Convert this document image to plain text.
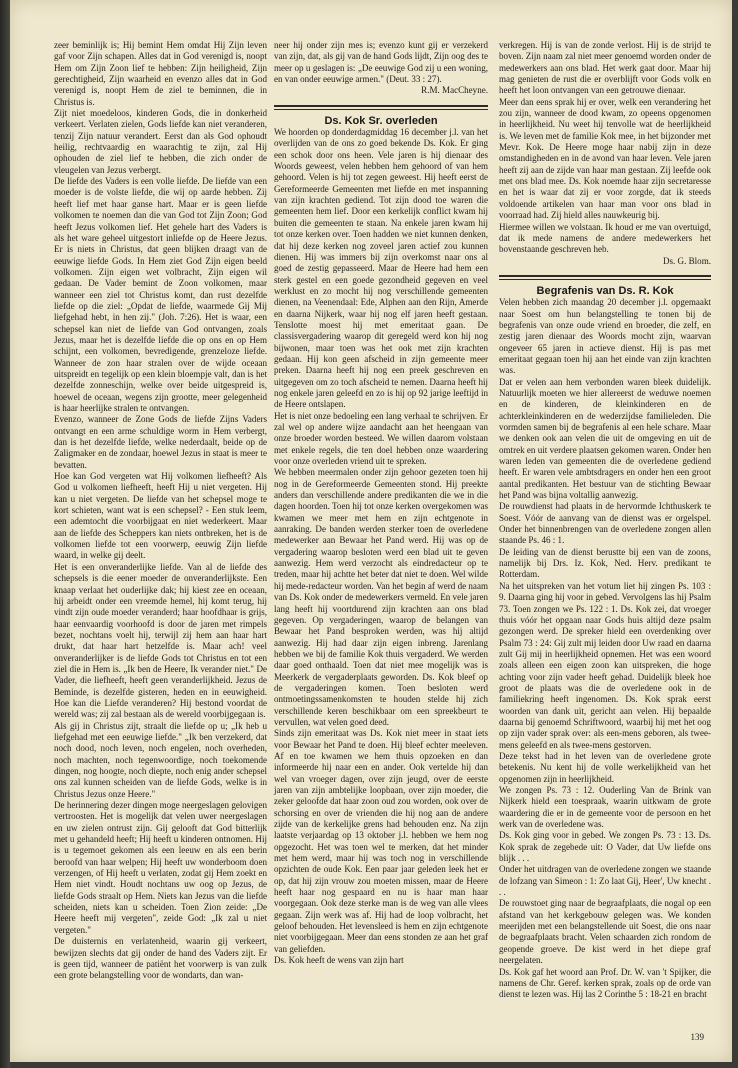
zeer beminlijk is; Hij bemint Hem omdat Hij Zijn leven gaf voor Zijn schapen. Alles dat in God verenigd is, noopt Hem om Zijn Zoon lief te hebben: Zijn heiligheid, Zijn gerechtigheid, Zijn waarheid en evenzo alles dat in God verenigd is, noopt Hem de ziel te beminnen, die in Christus is.

Zijt niet moedeloos, kinderen Gods, die in donkerheid verkeert. Verlaten zielen, Gods liefde kan niet veranderen, tenzij Zijn natuur verandert. Eerst dan als God ophoudt heilig, rechtvaardig en waarachtig te zijn, zal Hij ophouden de ziel lief te hebben, die zich onder de vleugelen van Jezus verbergt.

De liefde des Vaders is een volle liefde. De liefde van een moeder is de volste liefde, die wij op aarde hebben. Zij heeft lief met haar ganse hart. Maar er is geen liefde volkomen te noemen dan die van God tot Zijn Zoon; God heeft Jezus volkomen lief. Het gehele hart des Vaders is als het ware geheel uitgestort inliefde op de Heere Jezus. Er is niets in Christus, dat geen blijken draagt van de eeuwige liefde Gods. In Hem ziet God Zijn eigen beeld volkomen. Zijn eigen wet volbracht, Zijn eigen wil gedaan. De Vader bemint de Zoon volkomen, maar wanneer een ziel tot Christus komt, dan rust dezelfde liefde op die ziel: „Opdat de liefde, waarmede Gij Mij liefgehad hebt, in hen zij." (Joh. 7:26). Het is waar, een schepsel kan niet de liefde van God ontvangen, zoals Jezus, maar het is dezelfde liefde die op ons en op Hem schijnt, een volkomen, bevredigende, grenzeloze liefde. Wanneer de zon haar stralen over de wijde oceaan uitspreidt en tegelijk op een klein bloempje valt, dan is het dezelfde zonneschijn, welke over beide uitgespreid is, hoewel de oceaan, wegens zijn grootte, meer gelegenheid is haar heerlijke stralen te ontvangen.

Evenzo, wanneer de Zone Gods de liefde Zijns Vaders ontvangt en een arme schuldige worm in Hem verbergt, dan is het dezelfde liefde, welke nederdaalt, beide op de Zaligmaker en de zondaar, hoewel Jezus in staat is meer te bevatten.

Hoe kan God vergeten wat Hij volkomen liefheeft? Als God u volkomen liefheeft, heeft Hij u niet vergeten. Hij kan u niet vergeten. De liefde van het schepsel moge te kort schieten, want wat is een schepsel? - Een stuk leem, een ademtocht die voorbijgaat en niet wederkeert. Maar aan de liefde des Scheppers kan niets ontbreken, het is de volkomen liefde tot een voorwerp, eeuwig Zijn liefde waard, in welke gij deelt.

Het is een onveranderlijke liefde. Van al de liefde des schepsels is die eener moeder de onveranderlijkste. Een knaap verlaat het ouderlijke dak; hij kiest zee en oceaan, hij arbeidt onder een vreemde hemel, hij komt terug, hij vindt zijn oude moeder veranderd; haar hoofdhaar is grijs, haar eenvaardig voorhoofd is door de jaren met rimpels bezet, nochtans voelt hij, terwijl zij hem aan haar hart drukt, dat haar hart hetzelfde is. Maar ach! veel onveranderlijker is de liefde Gods tot Christus en tot een ziel die in Hem is. „Ik ben de Heere, Ik verander niet." De Vader, die liefheeft, heeft geen veranderlijkheid. Jezus de Beminde, is dezelfde gisteren, heden en in eeuwigheid. Hoe kan die Liefde veranderen? Hij bestond voordat de wereld was; zij zal bestaan als de wereld voorbijgegaan is.

Als gij in Christus zijt, straalt die liefde op u; „Ik heb u liefgehad met een eeuwige liefde." „Ik ben verzekerd, dat noch dood, noch leven, noch engelen, noch overheden, noch machten, noch tegenwoordige, noch toekomende dingen, nog hoogte, noch diepte, noch enig ander schepsel ons zal kunnen scheiden van de liefde Gods, welke is in Christus Jezus onze Heere."

De herinnering dezer dingen moge neergeslagen gelovigen vertroosten. Het is mogelijk dat velen uwer neergeslagen en uw zielen ontrust zijn. Gij gelooft dat God bitterlijk met u gehandeld heeft; Hij heeft u kinderen ontnomen. Hij is u tegemoet gekomen als een leeuw en als een berin beroofd van haar welpen; Hij heeft uw wonderboom doen verzengen, of Hij heeft u verlaten, zodat gij Hem zoekt en Hem niet vindt. Houdt nochtans uw oog op Jezus, de liefde Gods straalt op Hem. Niets kan Jezus van die liefde scheiden, niets kan u scheiden. Toen Zion zeide: „De Heere heeft mij vergeten", zeide God: „Ik zal u niet vergeten."

De duisternis en verlatenheid, waarin gij verkeert, bewijzen slechts dat gij onder de hand des Vaders zijt. Er is geen tijd, wanneer de patiënt het voorwerp is van zulk een grote belangstelling voor de wondarts, dan wan-

neer hij onder zijn mes is; evenzo kunt gij er verzekerd van zijn, dat, als gij van de hand Gods lijdt, Zijn oog des te meer op u geslagen is: „De eeuwige God zij u een woning, en van onder eeuwige armen." (Deut. 33 : 27).

R.M. MacCheyne.

Ds. Kok Sr. overleden

We hoorden op donderdagmiddag 16 december j.l. van het overlijden van de ons zo goed bekende Ds. Kok. Er ging een schok door ons heen. Vele jaren is hij dienaar des Woords geweest, velen hebben hem gehoord of van hem gehoord. Velen is hij tot zegen geweest. Hij heeft eerst de Gereformeerde Gemeenten met liefde en met inspanning van zijn krachten gediend. Tot zijn dood toe waren die gemeenten hem lief. Door een kerkelijk conflict kwam hij buiten die gemeenten te staan. Na enkele jaren kwam hij tot onze kerken over. Toen hadden we niet kunnen denken, dat hij deze kerken nog zoveel jaren actief zou kunnen dienen. Hij was immers bij zijn overkomst naar ons al goed de zestig gepasseerd. Maar de Heere had hem een sterk gestel en een goede gezondheid gegeven en veel werklust en zo mocht hij nog verschillende gemeenten dienen, na Veenendaal: Ede, Alphen aan den Rijn, Amerde en daarna Nijkerk, waar hij nog elf jaren heeft gestaan. Tenslotte moest hij met emeritaat gaan. De classisvergadering waarop dit geregeld werd kon hij nog bijwonen, maar toen was het ook met zijn krachten gedaan. Hij kon geen afscheid in zijn gemeente meer preken. Daarna heeft hij nog een preek geschreven en uitgegeven om zo toch afscheid te nemen. Daarna heeft hij nog enkele jaren geleefd en zo is hij op 92 jarige leeftijd in de Heere ontslapen.

Het is niet onze bedoeling een lang verhaal te schrijven. Er zal wel op andere wijze aandacht aan het heengaan van onze broeder worden besteed. We willen daarom volstaan met enkele regels, die ten doel hebben onze waardering voor onze overleden vriend uit te spreken.

We hebben meermalen onder zijn gehoor gezeten toen hij nog in de Gereformeerde Gemeenten stond. Hij preekte anders dan verschillende andere predikanten die we in die dagen hoorden. Toen hij tot onze kerken overgekomen was kwamen we meer met hem en zijn echtgenote in aanraking. De banden werden sterker toen de overledene medewerker aan Bewaar het Pand werd. Hij was op de vergadering waarop besloten werd een blad uit te geven aanwezig. Hem werd verzocht als eindredacteur op te treden, maar hij achtte het beter dat niet te doen. Wel wilde hij mede-redacteur worden. Van het begin af werd de naam van Ds. Kok onder de medewerkers vermeld. En vele jaren lang heeft hij voortdurend zijn krachten aan ons blad gegeven. Op vergaderingen, waarop de belangen van Bewaar het Pand besproken werden, was hij altijd aanwezig. Hij had daar zijn eigen inbreng. Jarenlang hebben we bij de familie Kok thuis vergaderd. We werden daar goed onthaald. Toen dat niet mee mogelijk was is Meerkerk de vergaderplaats geworden. Ds. Kok bleef op de vergaderingen komen. Toen besloten werd ontmoetingssamenkomsten te houden stelde hij zich verschillende keren beschikbaar om een spreekbeurt te vervullen, wat velen goed deed.

Sinds zijn emeritaat was Ds. Kok niet meer in staat iets voor Bewaar het Pand te doen. Hij bleef echter meeleven. Af en toe kwamen we hem thuis opzoeken en dan informeerde hij naar een en ander. Ook vertelde hij dan wel van vroeger dagen, over zijn jeugd, over de eerste jaren van zijn ambtelijke loopbaan, over zijn moeder, die zeker geloofde dat haar zoon oud zou worden, ook over de schorsing en over de vrienden die hij nog aan de andere zijde van de kerkelijke grens had behouden enz. Na zijn laatste verjaardag op 13 oktober j.l. hebben we hem nog opgezocht. Het was toen wel te merken, dat het minder met hem werd, maar hij was toch nog in verschillende opzichten de oude Kok. Een paar jaar geleden leek het er op, dat hij zijn vrouw zou moeten missen, maar de Heere heeft haar nog gespaard en nu is haar man haar voorgegaan. Ook deze sterke man is de weg van alle vlees gegaan. Zijn werk was af. Hij had de loop volbracht, het geloof behouden. Het levensleed is hem en zijn echtgenote niet voorbijgegaan. Meer dan eens stonden ze aan het graf van geliefden.

Ds. Kok heeft de wens van zijn hart

verkregen. Hij is van de zonde verlost. Hij is de strijd te boven. Zijn naam zal niet meer genoemd worden onder de medewerkers aan ons blad. Het werk gaat door. Maar hij mag genieten de rust die er overblijft voor Gods volk en heeft het loon ontvangen van een getrouwe dienaar.

Meer dan eens sprak hij er over, welk een verandering het zou zijn, wanneer de dood kwam, zo opeens opgenomen in heerlijkheid. Nu weet hij tenvolle wat de heerlijkheid is. We leven met de familie Kok mee, in het bijzonder met Mevr. Kok. De Heere moge haar nabij zijn in deze omstandigheden en in de avond van haar leven. Vele jaren heeft zij aan de zijde van haar man gestaan. Zij leefde ook met ons blad mee. Ds. Kok noemde haar zijn secretaresse en het is waar dat zij er voor zorgde, dat ik steeds voldoende artikelen van haar man voor ons blad in voorraad had. Zij hield alles nauwkeurig bij.

Hiermee willen we volstaan. Ik houd er me van overtuigd, dat ik mede namens de andere medewerkers het bovenstaande geschreven heb.

Ds. G. Blom.

Begrafenis van Ds. R. Kok

Velen hebben zich maandag 20 december j.l. opgemaakt naar Soest om hun belangstelling te tonen bij de begrafenis van onze oude vriend en broeder, die zelf, en zestig jaren dienaar des Woords mocht zijn, waarvan ongeveer 65 jaren in actieve dienst. Hij is pas met emeritaat gegaan toen hij aan het einde van zijn krachten was.

Dat er velen aan hem verbonden waren bleek duidelijk. Natuurlijk moeten we hier allereerst de weduwe noemen en de kinderen, de kleinkinderen en de achterkleinkinderen en de wederzijdse familieleden. Die vormden samen bij de begrafenis al een hele schare. Maar we denken ook aan velen die uit de omgeving en uit de omtrek en uit verdere plaatsen gekomen waren. Onder hen waren leden van gemeenten die de overledene gediend heeft. Er waren vele ambtsdragers en onder hen een groot aantal predikanten. Het bestuur van de stichting Bewaar het Pand was bijna voltallig aanwezig.

De rouwdienst had plaats in de hervormde Ichthuskerk te Soest. Vóór de aanvang van de dienst was er orgelspel. Onder het binnenbrengen van de overledene zongen allen staande Ps. 46 : 1.

De leiding van de dienst berustte bij een van de zoons, namelijk bij Drs. Iz. Kok, Ned. Herv. predikant te Rotterdam.

Na het uitspreken van het votum liet hij zingen Ps. 103 : 9. Daarna ging hij voor in gebed. Vervolgens las hij Psalm 73. Toen zongen we Ps. 122 : 1. Ds. Kok zei, dat vroeger thuis vóór het opgaan naar Gods huis altijd deze psalm gezongen werd. De spreker hield een overdenking over Psalm 73 : 24: Gij zult mij leiden door Uw raad en daarna zult Gij mij in heerlijkheid opnemen. Het was een woord zoals alleen een eigen zoon kan uitspreken, die hoge achting voor zijn vader heeft gehad. Duidelijk bleek hoe groot de plaats was die de overledene ook in de familiekring heeft ingenomen. Ds. Kok sprak eerst woorden van dank uit, gericht aan velen. Hij bepaalde daarna bij genoemd Schriftwoord, waarbij hij met het oog op zijn vader sprak over: als een-mens geboren, als twee-mens geleefd en als twee-mens gestorven.

Deze tekst had in het leven van de overledene grote betekenis. Nu kent hij de volle werkelijkheid van het opgenomen zijn in heerlijkheid.

We zongen Ps. 73 : 12. Ouderling Van de Brink van Nijkerk hield een toespraak, waarin uitkwam de grote waardering die er in de gemeente voor de persoon en het werk van de overledene was.

Ds. Kok ging voor in gebed. We zongen Ps. 73 : 13. Ds. Kok sprak de zegebede uit: O Vader, dat Uw liefde ons blijk . . .

Onder het uitdragen van de overledene zongen we staande de lofzang van Simeon : 1: Zo laat Gij, Heer', Uw knecht . . .

De rouwstoet ging naar de begraafplaats, die nogal op een afstand van het kerkgebouw gelegen was. We konden meerijden met een belangstellende uit Soest, die ons naar de begraafplaats bracht. Velen schaarden zich rondom de geopende groeve. De kist werd in het diepe graf neergelaten.

Ds. Kok gaf het woord aan Prof. Dr. W. van 't Spijker, die namens de Chr. Geref. kerken sprak, zoals op de orde van dienst te lezen was. Hij las 2 Corinthe 5 : 18-21 en bracht

139
